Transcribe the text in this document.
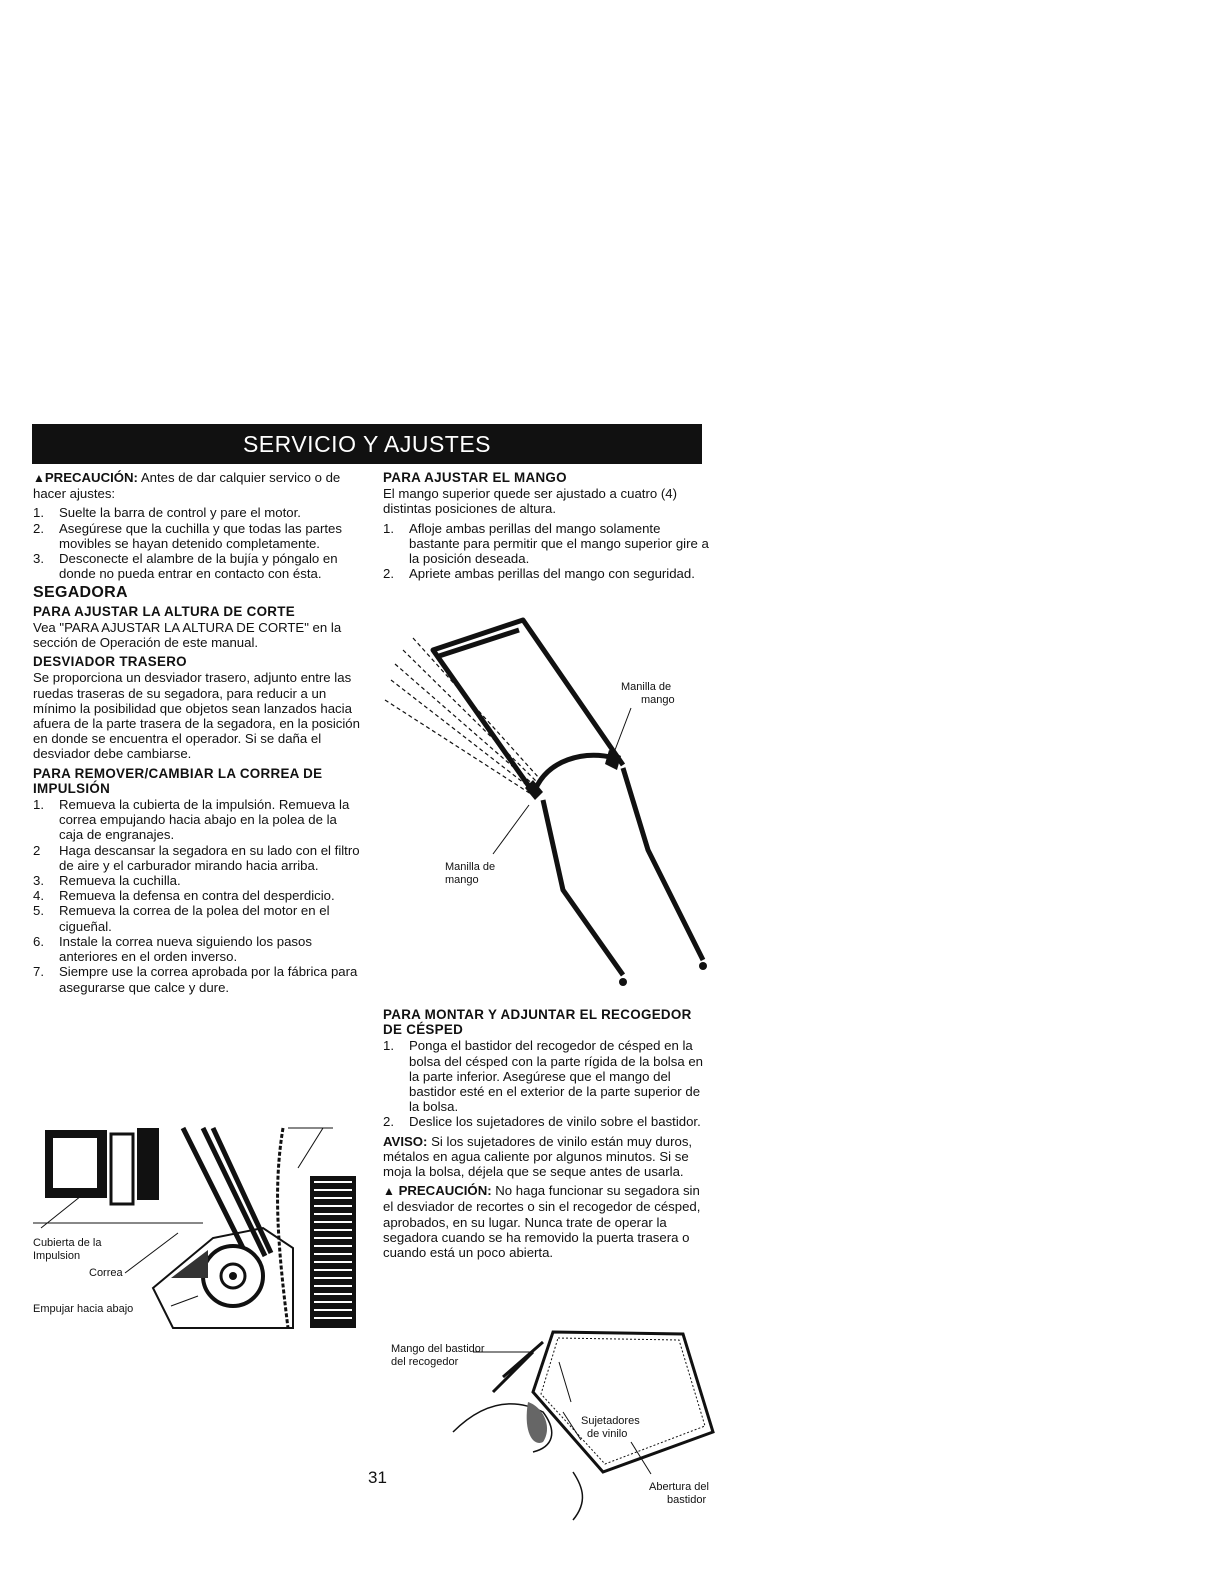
SERVICIO Y AJUSTES

▲PRECAUCIÓN: Antes de dar calquier servico o de hacer ajustes:

1.	Suelte la barra de control y pare el motor.
2.	Asegúrese que la cuchilla y que todas las partes movibles se hayan detenido completamente.
3.	Desconecte el alambre de la bujía y póngalo en donde no pueda entrar en contacto con ésta.
SEGADORA
PARA AJUSTAR LA ALTURA DE CORTE

Vea "PARA AJUSTAR LA ALTURA DE CORTE" en la sección de Operación de este manual.

DESVIADOR TRASERO

Se proporciona un desviador trasero, adjunto entre las ruedas traseras de su segadora, para reducir a un mínimo la posibilidad que objetos sean lanzados hacia afuera de la parte trasera de la segadora, en la posición en donde se encuentra el operador. Si se daña el desviador debe cambiarse.

PARA REMOVER/CAMBIAR LA CORREA DE IMPULSIÓN
1.	Remueva la cubierta de la impulsión. Remueva la correa empujando hacia abajo en la polea de la caja de engranajes.
2	Haga descansar la segadora en su lado con el filtro de aire y el carburador mirando hacia arriba.
3.	Remueva la cuchilla.
4.	Remueva la defensa en contra del desperdicio.
5.	Remueva la correa de la polea del motor en el cigueñal.
6.	Instale la correa nueva siguiendo los pasos anteriores en el orden inverso.
7.	Siempre use la correa aprobada por la fábrica para asegurarse que calce y dure.
Cubierta de la
Impulsion
Correa
Empujar hacia abajo
PARA AJUSTAR EL MANGO

El mango superior quede ser ajustado a cuatro (4) distintas posiciones de altura.

1.	Afloje ambas perillas del mango solamente bastante para permitir que el mango superior gire a la posición deseada.
2.	Apriete ambas perillas del mango con seguridad.
Manilla de
mango
Manilla de
mango
PARA MONTAR Y ADJUNTAR EL RECOGEDOR DE CÉSPED
1.	Ponga el bastidor del recogedor de césped en la bolsa del césped con la parte rígida de la bolsa en la parte inferior. Asegúrese que el mango del bastidor esté en el exterior de la parte superior de la bolsa.
2.	Deslice los sujetadores de vinilo sobre el bastidor.

AVISO: Si los sujetadores de vinilo están muy duros, métalos en agua caliente por algunos minutos. Si se moja la bolsa, déjela que se seque antes de usarla.

▲ PRECAUCIÓN: No haga funcionar su segadora sin el desviador de recortes o sin el recogedor de césped, aprobados, en su lugar. Nunca trate de operar la segadora cuando se ha removido la puerta trasera o cuando está un poco abierta.

Mango del bastidor
del recogedor
Sujetadores
de vinilo
Abertura del
bastidor
31
